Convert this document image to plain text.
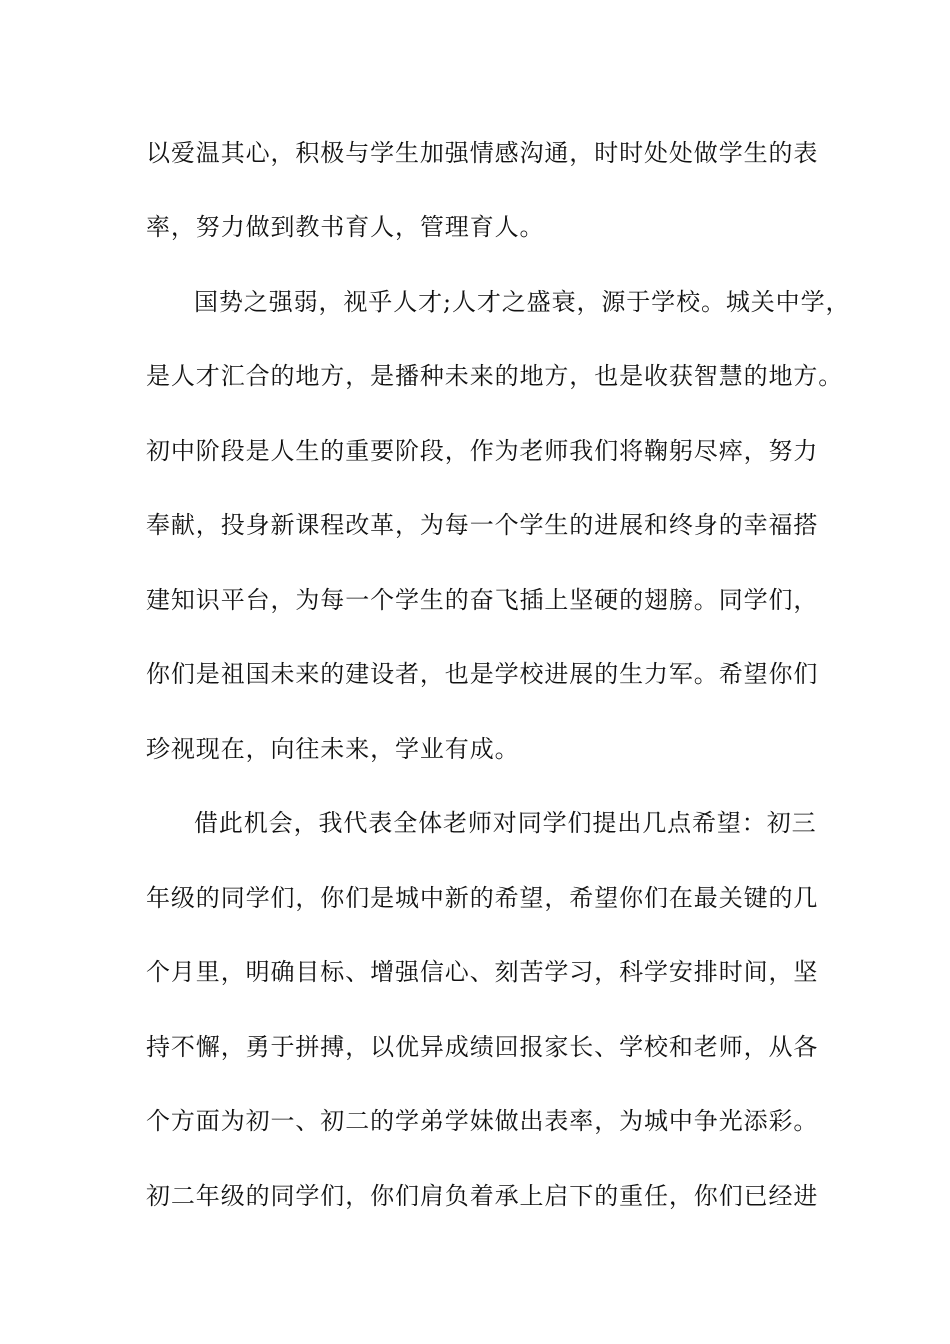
以爱温其心，积极与学生加强情感沟通，时时处处做学生的表
率，努力做到教书育人，管理育人。
国势之强弱，视乎人才;人才之盛衰，源于学校。城关中学，
是人才汇合的地方，是播种未来的地方，也是收获智慧的地方。
初中阶段是人生的重要阶段，作为老师我们将鞠躬尽瘁，努力
奉献，投身新课程改革，为每一个学生的进展和终身的幸福搭
建知识平台，为每一个学生的奋飞插上坚硬的翅膀。同学们，
你们是祖国未来的建设者，也是学校进展的生力军。希望你们
珍视现在，向往未来，学业有成。
借此机会，我代表全体老师对同学们提出几点希望：初三
年级的同学们，你们是城中新的希望，希望你们在最关键的几
个月里，明确目标、增强信心、刻苦学习，科学安排时间，坚
持不懈，勇于拼搏，以优异成绩回报家长、学校和老师，从各
个方面为初一、初二的学弟学妹做出表率，为城中争光添彩。
初二年级的同学们，你们肩负着承上启下的重任，你们已经进
